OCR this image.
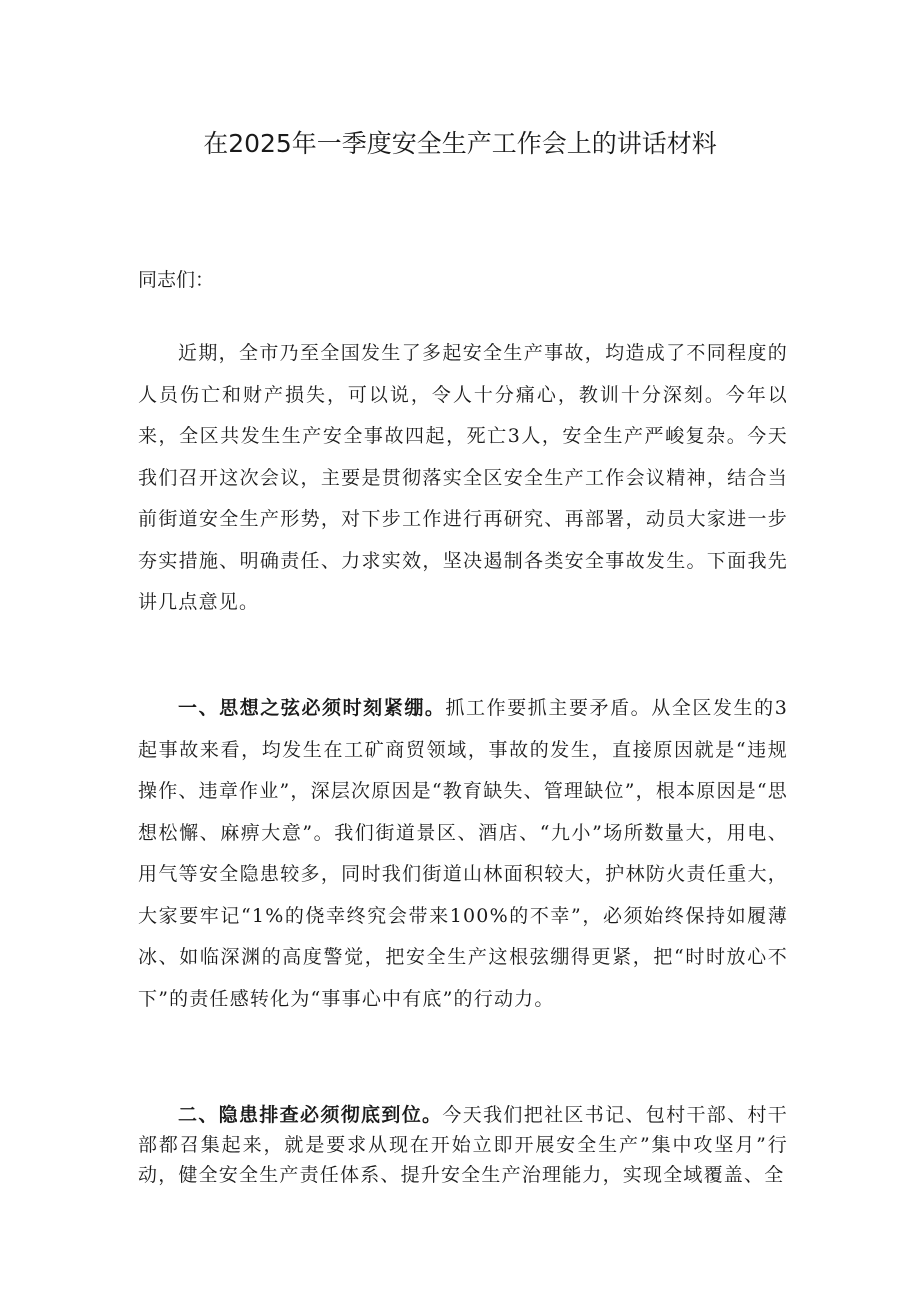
在2025年一季度安全生产工作会上的讲话材料

同志们：

近期，全市乃至全国发生了多起安全生产事故，均造成了不同程度的人员伤亡和财产损失，可以说，令人十分痛心，教训十分深刻。今年以来，全区共发生生产安全事故四起，死亡3人，安全生产严峻复杂。今天我们召开这次会议，主要是贯彻落实全区安全生产工作会议精神，结合当前街道安全生产形势，对下步工作进行再研究、再部署，动员大家进一步夯实措施、明确责任、力求实效，坚决遏制各类安全事故发生。下面我先讲几点意见。

一、思想之弦必须时刻紧绷。抓工作要抓主要矛盾。从全区发生的3起事故来看，均发生在工矿商贸领域，事故的发生，直接原因就是“违规操作、违章作业”，深层次原因是“教育缺失、管理缺位”，根本原因是“思想松懈、麻痹大意”。我们街道景区、酒店、“九小”场所数量大，用电、用气等安全隐患较多，同时我们街道山林面积较大，护林防火责任重大，大家要牢记“1%的侥幸终究会带来100%的不幸”，必须始终保持如履薄冰、如临深渊的高度警觉，把安全生产这根弦绷得更紧，把“时时放心不下”的责任感转化为“事事心中有底”的行动力。

二、隐患排查必须彻底到位。今天我们把社区书记、包村干部、村干部都召集起来，就是要求从现在开始立即开展安全生产”集中攻坚月”行动，健全安全生产责任体系、提升安全生产治理能力，实现全域覆盖、全
